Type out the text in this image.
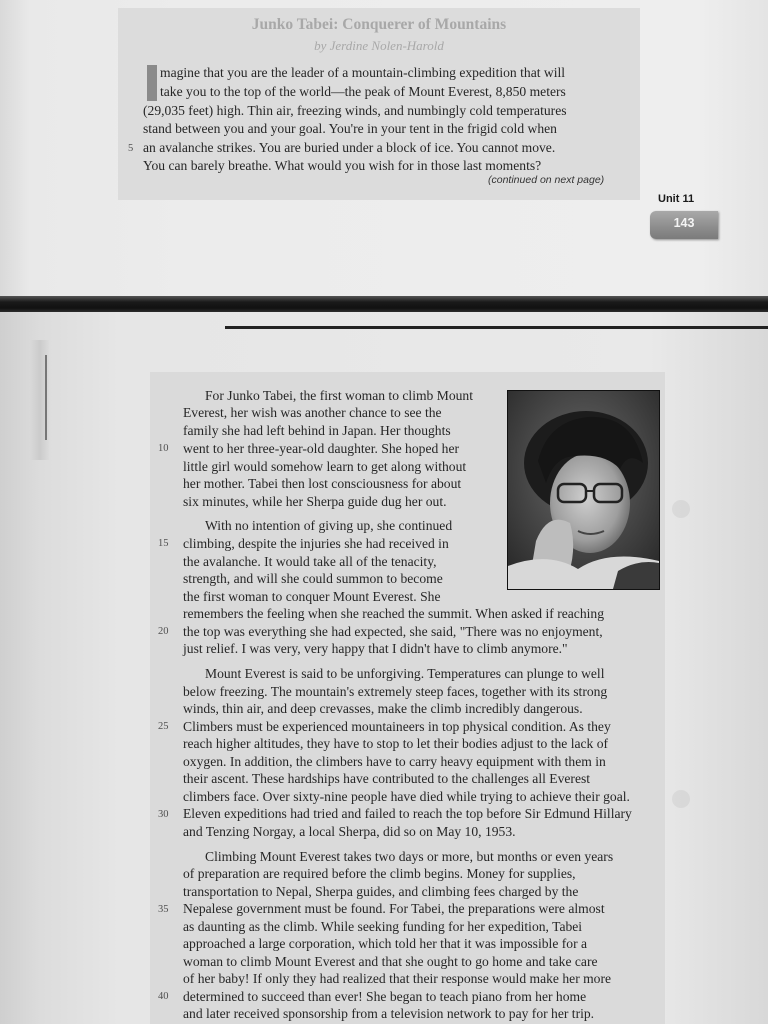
Junko Tabei: Conquerer of Mountains
by Jerdine Nolen-Harold
magine that you are the leader of a mountain-climbing expedition that will
take you to the top of the world—the peak of Mount Everest, 8,850 meters
(29,035 feet) high. Thin air, freezing winds, and numbingly cold temperatures
stand between you and your goal. You're in your tent in the frigid cold when
5 an avalanche strikes. You are buried under a block of ice. You cannot move.
You can barely breathe. What would you wish for in those last moments?
(continued on next page)
Unit 11
143
For Junko Tabei, the first woman to climb Mount
Everest, her wish was another chance to see the
family she had left behind in Japan. Her thoughts
10 went to her three-year-old daughter. She hoped her
little girl would somehow learn to get along without
her mother. Tabei then lost consciousness for about
six minutes, while her Sherpa guide dug her out.
With no intention of giving up, she continued
15 climbing, despite the injuries she had received in
the avalanche. It would take all of the tenacity,
strength, and will she could summon to become
the first woman to conquer Mount Everest. She
remembers the feeling when she reached the summit. When asked if reaching
20 the top was everything she had expected, she said, "There was no enjoyment,
just relief. I was very, very happy that I didn't have to climb anymore."
Mount Everest is said to be unforgiving. Temperatures can plunge to well
below freezing. The mountain's extremely steep faces, together with its strong
winds, thin air, and deep crevasses, make the climb incredibly dangerous.
25 Climbers must be experienced mountaineers in top physical condition. As they
reach higher altitudes, they have to stop to let their bodies adjust to the lack of
oxygen. In addition, the climbers have to carry heavy equipment with them in
their ascent. These hardships have contributed to the challenges all Everest
climbers face. Over sixty-nine people have died while trying to achieve their goal.
30 Eleven expeditions had tried and failed to reach the top before Sir Edmund Hillary
and Tenzing Norgay, a local Sherpa, did so on May 10, 1953.
Climbing Mount Everest takes two days or more, but months or even years
of preparation are required before the climb begins. Money for supplies,
transportation to Nepal, Sherpa guides, and climbing fees charged by the
35 Nepalese government must be found. For Tabei, the preparations were almost
as daunting as the climb. While seeking funding for her expedition, Tabei
approached a large corporation, which told her that it was impossible for a
woman to climb Mount Everest and that she ought to go home and take care
of her baby! If only they had realized that their response would make her more
40 determined to succeed than ever! She began to teach piano from her home
and later received sponsorship from a television network to pay for her trip.
